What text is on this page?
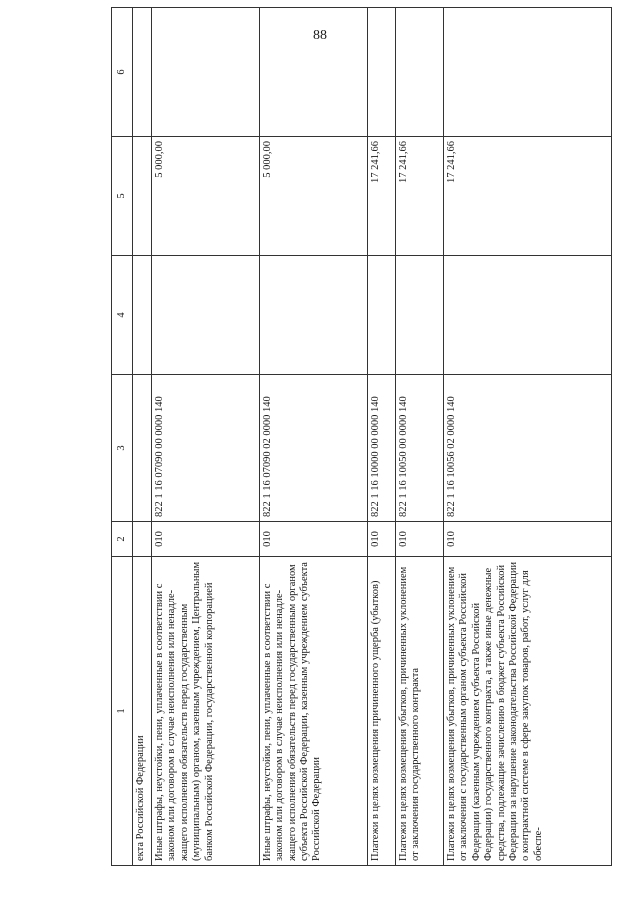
88
1	2	3	4	5	6
екта Российской Федерации					
Иные штрафы, неустойки, пени, уплаченные в соответствии с законом или договором в случае неисполнения или ненадлежащего исполнения обязательств перед государственным (муниципальным) органом, казенным учреждением, Центральным банком Российской Федерации, государственной корпорацией	010	822 1 16 07090 00 0000 140		5 000,00	
Иные штрафы, неустойки, пени, уплаченные в соответствии с законом или договором в случае неисполнения или ненадлежащего исполнения обязательств перед государственным органом субъекта Российской Федерации, казенным учреждением субъекта Российской Федерации	010	822 1 16 07090 02 0000 140		5 000,00	
Платежи в целях возмещения причиненного ущерба (убытков)	010	822 1 16 10000 00 0000 140		17 241,66	
Платежи в целях возмещения убытков, причиненных уклонением от заключения государственного контракта	010	822 1 16 10050 00 0000 140		17 241,66	
Платежи в целях возмещения убытков, причиненных уклонением от заключения с государственным органом субъекта Российской Федерации (казенным учреждением субъекта Российской Федерации) государственного контракта, а также иные денежные средства, подлежащие зачислению в бюджет субъекта Российской Федерации за нарушение законодательства Российской Федерации о контрактной системе в сфере закупок товаров, работ, услуг для обеспе-	010	822 1 16 10056 02 0000 140		17 241,66	
